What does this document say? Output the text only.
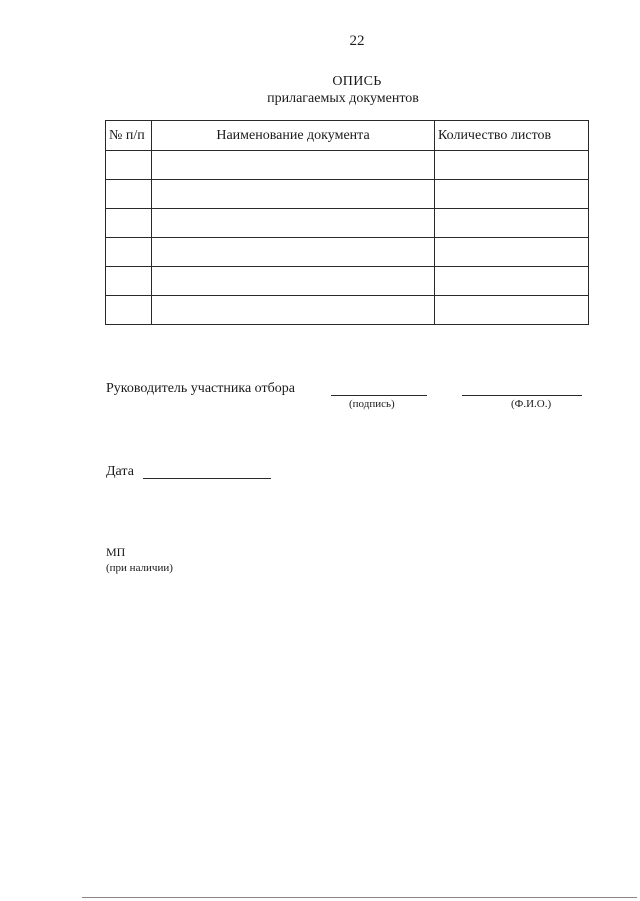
22
ОПИСЬ
прилагаемых документов
№ п/п	Наименование документа	Количество листов

Руководитель участника отбора
(подпись)	(Ф.И.О.)
Дата
МП
(при наличии)
